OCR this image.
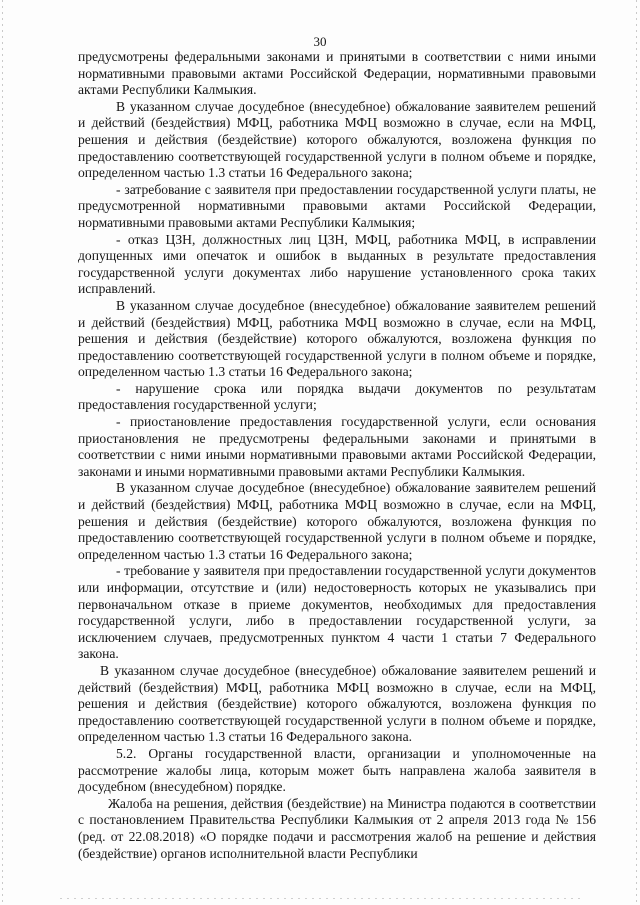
30

предусмотрены федеральными законами и принятыми в соответствии с ними иными нормативными правовыми актами Российской Федерации, нормативными правовыми актами Республики Калмыкия.

В указанном случае досудебное (внесудебное) обжалование заявителем решений и действий (бездействия) МФЦ, работника МФЦ возможно в случае, если на МФЦ, решения и действия (бездействие) которого обжалуются, возложена функция по предоставлению соответствующей государственной услуги в полном объеме и порядке, определенном частью 1.3 статьи 16 Федерального закона;

- затребование с заявителя при предоставлении государственной услуги платы, не предусмотренной нормативными правовыми актами Российской Федерации, нормативными правовыми актами Республики Калмыкия;

- отказ ЦЗН, должностных лиц ЦЗН, МФЦ, работника МФЦ, в исправлении допущенных ими опечаток и ошибок в выданных в результате предоставления государственной услуги документах либо нарушение установленного срока таких исправлений.

В указанном случае досудебное (внесудебное) обжалование заявителем решений и действий (бездействия) МФЦ, работника МФЦ возможно в случае, если на МФЦ, решения и действия (бездействие) которого обжалуются, возложена функция по предоставлению соответствующей государственной услуги в полном объеме и порядке, определенном частью 1.3 статьи 16 Федерального закона;

- нарушение срока или порядка выдачи документов по результатам предоставления государственной услуги;

- приостановление предоставления государственной услуги, если основания приостановления не предусмотрены федеральными законами и принятыми в соответствии с ними иными нормативными правовыми актами Российской Федерации, законами и иными нормативными правовыми актами Республики Калмыкия.

В указанном случае досудебное (внесудебное) обжалование заявителем решений и действий (бездействия) МФЦ, работника МФЦ возможно в случае, если на МФЦ, решения и действия (бездействие) которого обжалуются, возложена функция по предоставлению соответствующей государственной услуги в полном объеме и порядке, определенном частью 1.3 статьи 16 Федерального закона;

- требование у заявителя при предоставлении государственной услуги документов или информации, отсутствие и (или) недостоверность которых не указывались при первоначальном отказе в приеме документов, необходимых для предоставления государственной услуги, либо в предоставлении государственной услуги, за исключением случаев, предусмотренных пунктом 4 части 1 статьи 7 Федерального закона.

В указанном случае досудебное (внесудебное) обжалование заявителем решений и действий (бездействия) МФЦ, работника МФЦ возможно в случае, если на МФЦ, решения и действия (бездействие) которого обжалуются, возложена функция по предоставлению соответствующей государственной услуги в полном объеме и порядке, определенном частью 1.3 статьи 16 Федерального закона.

5.2. Органы государственной власти, организации и уполномоченные на рассмотрение жалобы лица, которым может быть направлена жалоба заявителя в досудебном (внесудебном) порядке.

Жалоба на решения, действия (бездействие) на Министра подаются в соответствии с постановлением Правительства Республики Калмыкия от 2 апреля 2013 года № 156 (ред. от 22.08.2018) «О порядке подачи и рассмотрения жалоб на решение и действия (бездействие) органов исполнительной власти Республики
